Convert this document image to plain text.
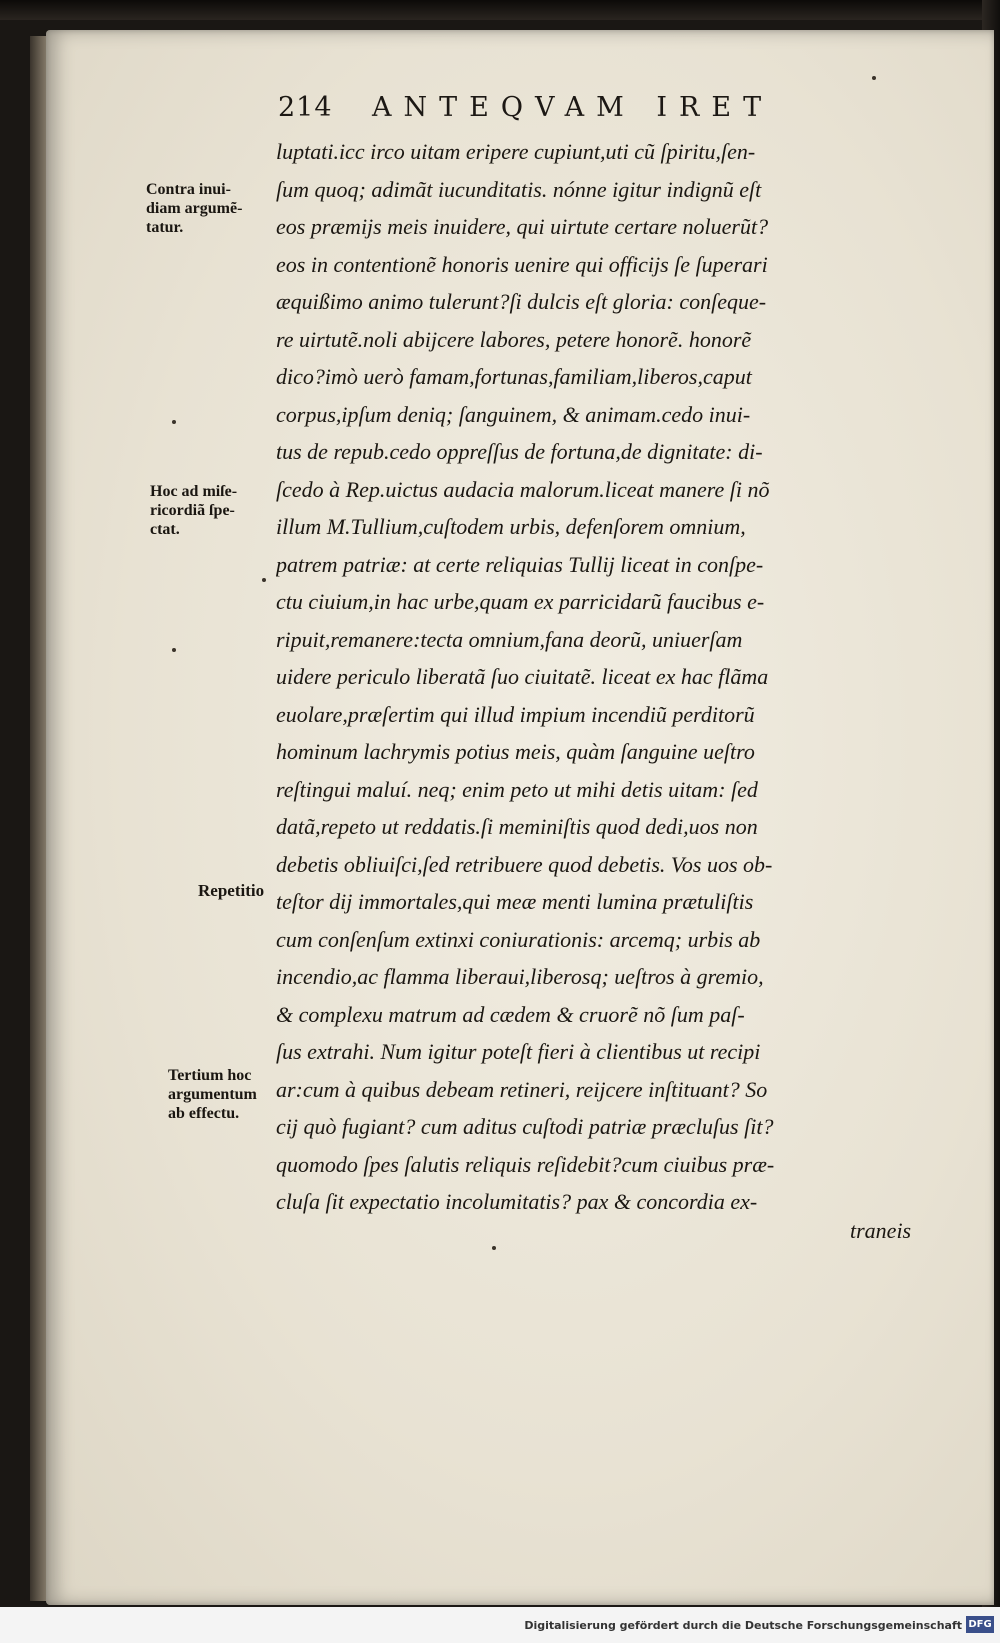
214 ANTEQVAM IRET
luptati.icc irco uitam eripere cupiunt,uti cũ ſpiritu,ſen-
ſum quoq; adimãt iucunditatis. nónne igitur indignũ eſt
eos præmijs meis inuidere, qui uirtute certare noluerũt?
eos in contentionẽ honoris uenire qui officijs ſe ſuperari
æquißimo animo tulerunt?ſi dulcis eſt gloria: conſeque-
re uirtutẽ.noli abijcere labores, petere honorẽ. honorẽ
dico?imò uerò famam,fortunas,familiam,liberos,caput
corpus,ipſum deniq; ſanguinem, & animam.cedo inui-
tus de repub.cedo oppreſſus de fortuna,de dignitate: di-
ſcedo à Rep.uictus audacia malorum.liceat manere ſi nõ
illum M.Tullium,cuſtodem urbis, defenſorem omnium,
patrem patriæ: at certe reliquias Tullij liceat in conſpe-
ctu ciuium,in hac urbe,quam ex parricidarũ faucibus e-
ripuit,remanere:tecta omnium,fana deorũ, uniuerſam
uidere periculo liberatã ſuo ciuitatẽ. liceat ex hac flãma
euolare,præſertim qui illud impium incendiũ perditorũ
hominum lachrymis potius meis, quàm ſanguine ueſtro
reſtingui maluí. neq; enim peto ut mihi detis uitam: ſed
datã,repeto ut reddatis.ſi meminiſtis quod dedi,uos non
debetis obliuiſci,ſed retribuere quod debetis. Vos uos ob-
teſtor dij immortales,qui meæ menti lumina prætuliſtis
cum conſenſum extinxi coniurationis: arcemq; urbis ab
incendio,ac flamma liberaui,liberosq; ueſtros à gremio,
& complexu matrum ad cædem & cruorẽ nõ ſum paſ-
ſus extrahi. Num igitur poteſt fieri à clientibus ut recipi
ar:cum à quibus debeam retineri, reijcere inſtituant? So
cij quò fugiant? cum aditus cuſtodi patriæ præcluſus ſit?
quomodo ſpes ſalutis reliquis reſidebit?cum ciuibus præ-
cluſa ſit expectatio incolumitatis? pax & concordia ex-
Contra inui-
diam argumẽ-
tatur.
Hoc ad miſe-
ricordiã ſpe-
ctat.
Repetitio
Tertium hoc
argumentum
ab effectu.
traneis
Digitalisierung gefördert durch die Deutsche Forschungsgemeinschaft DFG
